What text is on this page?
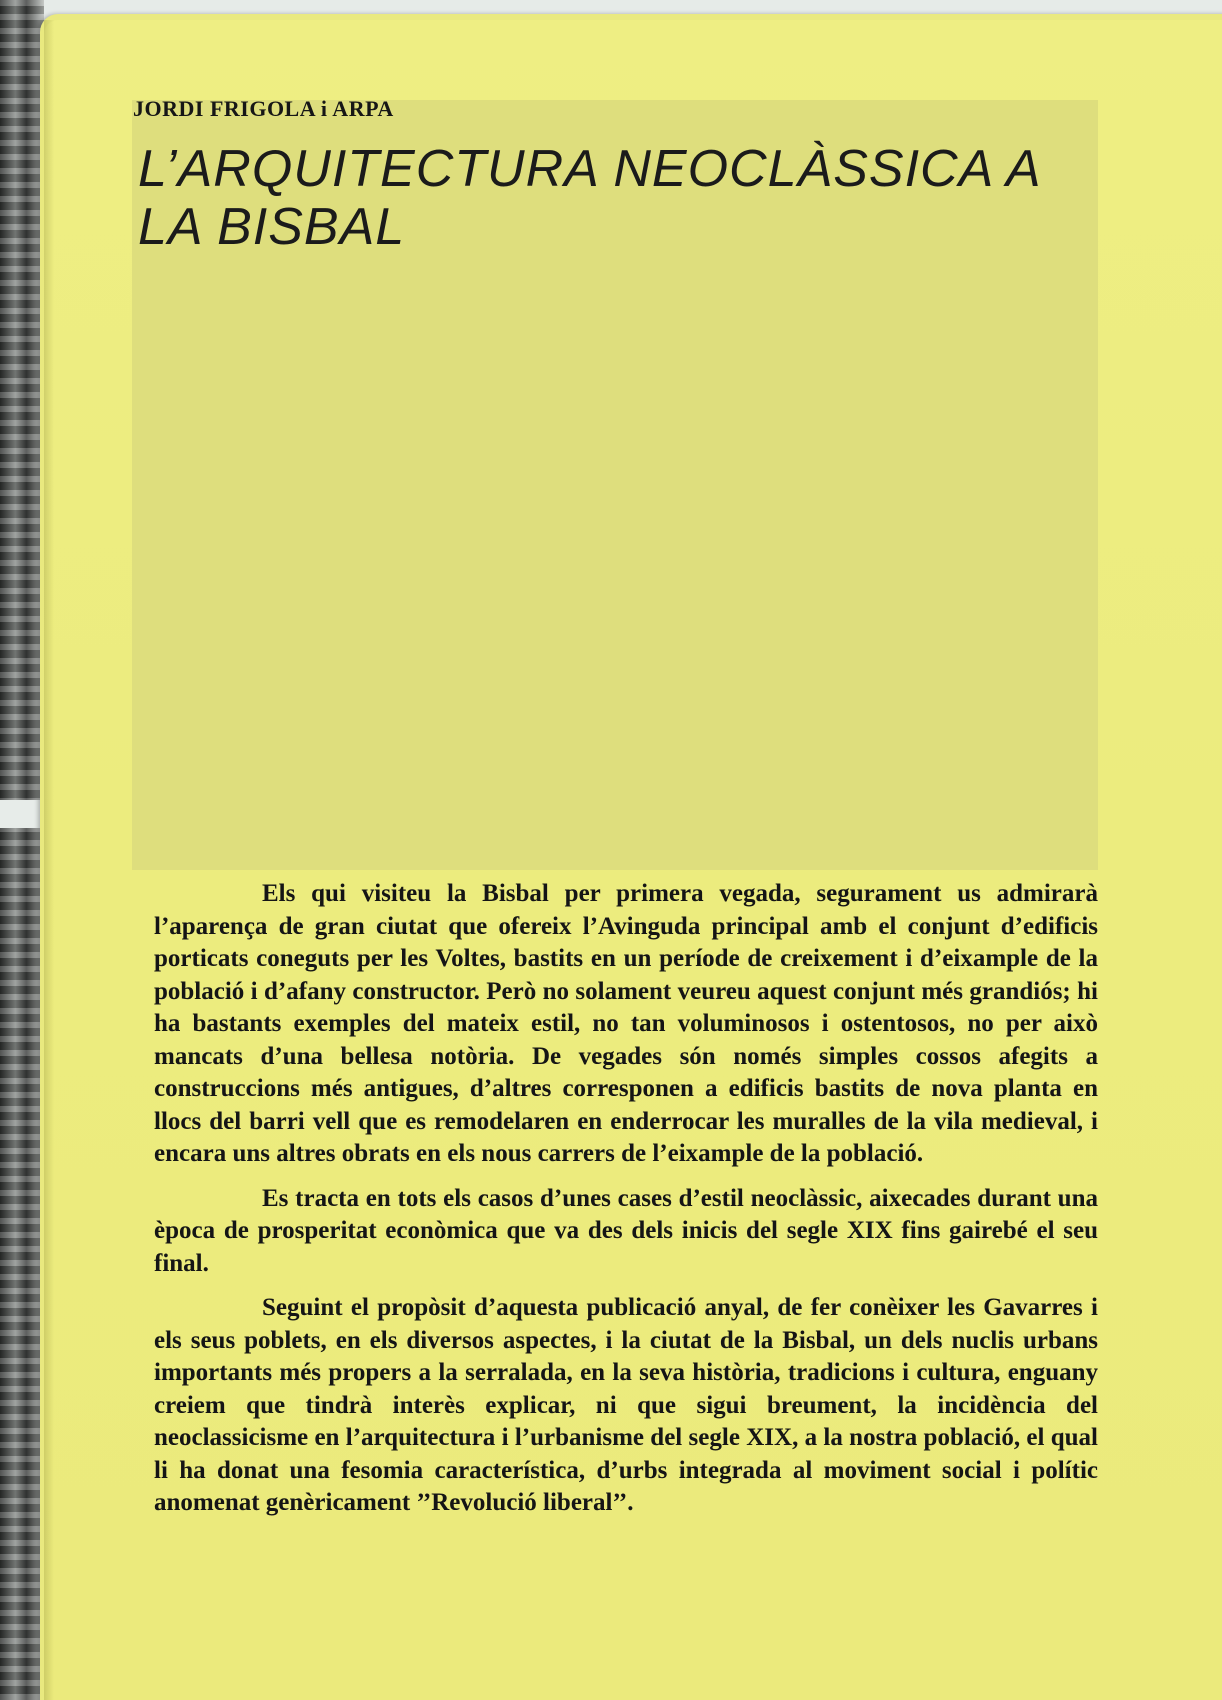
JORDI FRIGOLA i ARPA

L’ARQUITECTURA NEOCLÀSSICA A
LA BISBAL

Els qui visiteu la Bisbal per primera vegada, segurament us admirarà l’aparença de gran ciutat que ofereix l’Avinguda principal amb el conjunt d’edificis porticats coneguts per les Voltes, bastits en un període de creixement i d’eixample de la població i d’afany constructor. Però no solament veureu aquest conjunt més grandiós; hi ha bastants exemples del mateix estil, no tan voluminosos i ostentosos, no per això mancats d’una bellesa notòria. De vegades són només simples cossos afegits a construccions més antigues, d’altres corresponen a edificis bastits de nova planta en llocs del barri vell que es remodelaren en enderrocar les muralles de la vila medieval, i encara uns altres obrats en els nous carrers de l’eixample de la població.

Es tracta en tots els casos d’unes cases d’estil neoclàssic, aixecades durant una època de prosperitat econòmica que va des dels inicis del segle XIX fins gairebé el seu final.

Seguint el propòsit d’aquesta publicació anyal, de fer conèixer les Gavarres i els seus poblets, en els diversos aspectes, i la ciutat de la Bisbal, un dels nuclis urbans importants més propers a la serralada, en la seva història, tradicions i cultura, enguany creiem que tindrà interès explicar, ni que sigui breument, la incidència del neoclassicisme en l’arquitectura i l’urbanisme del segle XIX, a la nostra població, el qual li ha donat una fesomia característica, d’urbs integrada al moviment social i polític anomenat genèricament ’’Revolució liberal’’.
